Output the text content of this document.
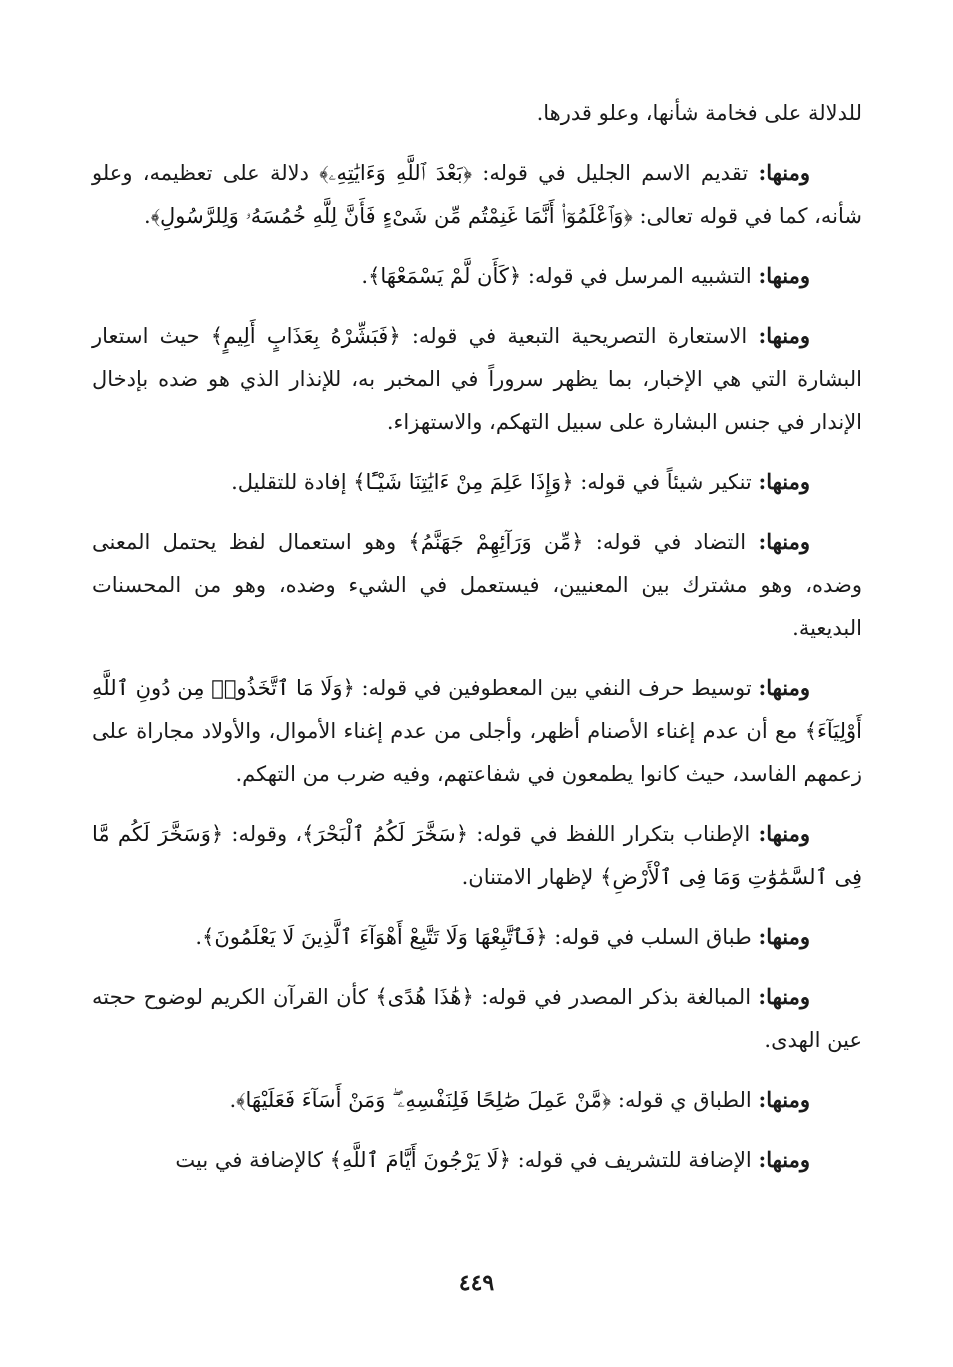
للدلالة على فخامة شأنها، وعلو قدرها.

ومنها: تقديم الاسم الجليل في قوله: ﴿ بَعْدَ ٱللَّهِ وَءَايَٰتِهِۦ ﴾ دلالة على تعظيمه، وعلو شأنه، كما في قوله تعالى: ﴿ وَٱعْلَمُوٓا۟ أَنَّمَا غَنِمْتُم مِّن شَىْءٍ فَأَنَّ لِلَّهِ خُمُسَهُۥ وَلِلرَّسُولِ ﴾.

ومنها: التشبيه المرسل في قوله: ﴿ كَأَن لَّمْ يَسْمَعْهَا ﴾.

ومنها: الاستعارة التصريحية التبعية في قوله: ﴿ فَبَشِّرْهُ بِعَذَابٍ أَلِيمٍ ﴾ حيث استعار البشارة التي هي الإخبار، بما يظهر سروراً في المخبر به، للإنذار الذي هو ضده بإدخال الإندار في جنس البشارة على سبيل التهكم، والاستهزاء.

ومنها: تنكير شيئاً في قوله: ﴿ وَإِذَا عَلِمَ مِنْ ءَايَٰتِنَا شَيْـًٔا ﴾ إفادة للتقليل.

ومنها: التضاد في قوله: ﴿ مِّن وَرَآئِهِمْ جَهَنَّمُ ﴾ وهو استعمال لفظ يحتمل المعنى وضده، وهو مشترك بين المعنيين، فيستعمل في الشيء وضده، وهو من المحسنات البديعية.

ومنها: توسيط حرف النفي بين المعطوفين في قوله: ﴿ وَلَا مَا ٱتَّخَذُوا۟ مِن دُونِ ٱللَّهِ أَوْلِيَآءَ ﴾ مع أن عدم إغناء الأصنام أظهر، وأجلى من عدم إغناء الأموال، والأولاد مجاراة على زعمهم الفاسد، حيث كانوا يطمعون في شفاعتهم، وفيه ضرب من التهكم.

ومنها: الإطناب بتكرار اللفظ في قوله: ﴿ سَخَّرَ لَكُمُ ٱلْبَحْرَ ﴾، وقوله: ﴿ وَسَخَّرَ لَكُم مَّا فِى ٱلسَّمَٰوَٰتِ وَمَا فِى ٱلْأَرْضِ ﴾ لإظهار الامتنان.

ومنها: طباق السلب في قوله: ﴿ فَٱتَّبِعْهَا وَلَا تَتَّبِعْ أَهْوَآءَ ٱلَّذِينَ لَا يَعْلَمُونَ ﴾.

ومنها: المبالغة بذكر المصدر في قوله: ﴿ هَٰذَا هُدًى ﴾ كأن القرآن الكريم لوضوح حجته عين الهدى.

ومنها: الطباق ي قوله: ﴿ مَّنْ عَمِلَ صَٰلِحًا فَلِنَفْسِهِۦ ۖ وَمَنْ أَسَآءَ فَعَلَيْهَا ﴾.

ومنها: الإضافة للتشريف في قوله: ﴿ لَا يَرْجُونَ أَيَّامَ ٱللَّهِ ﴾ كالإضافة في بيت

٤٤٩
